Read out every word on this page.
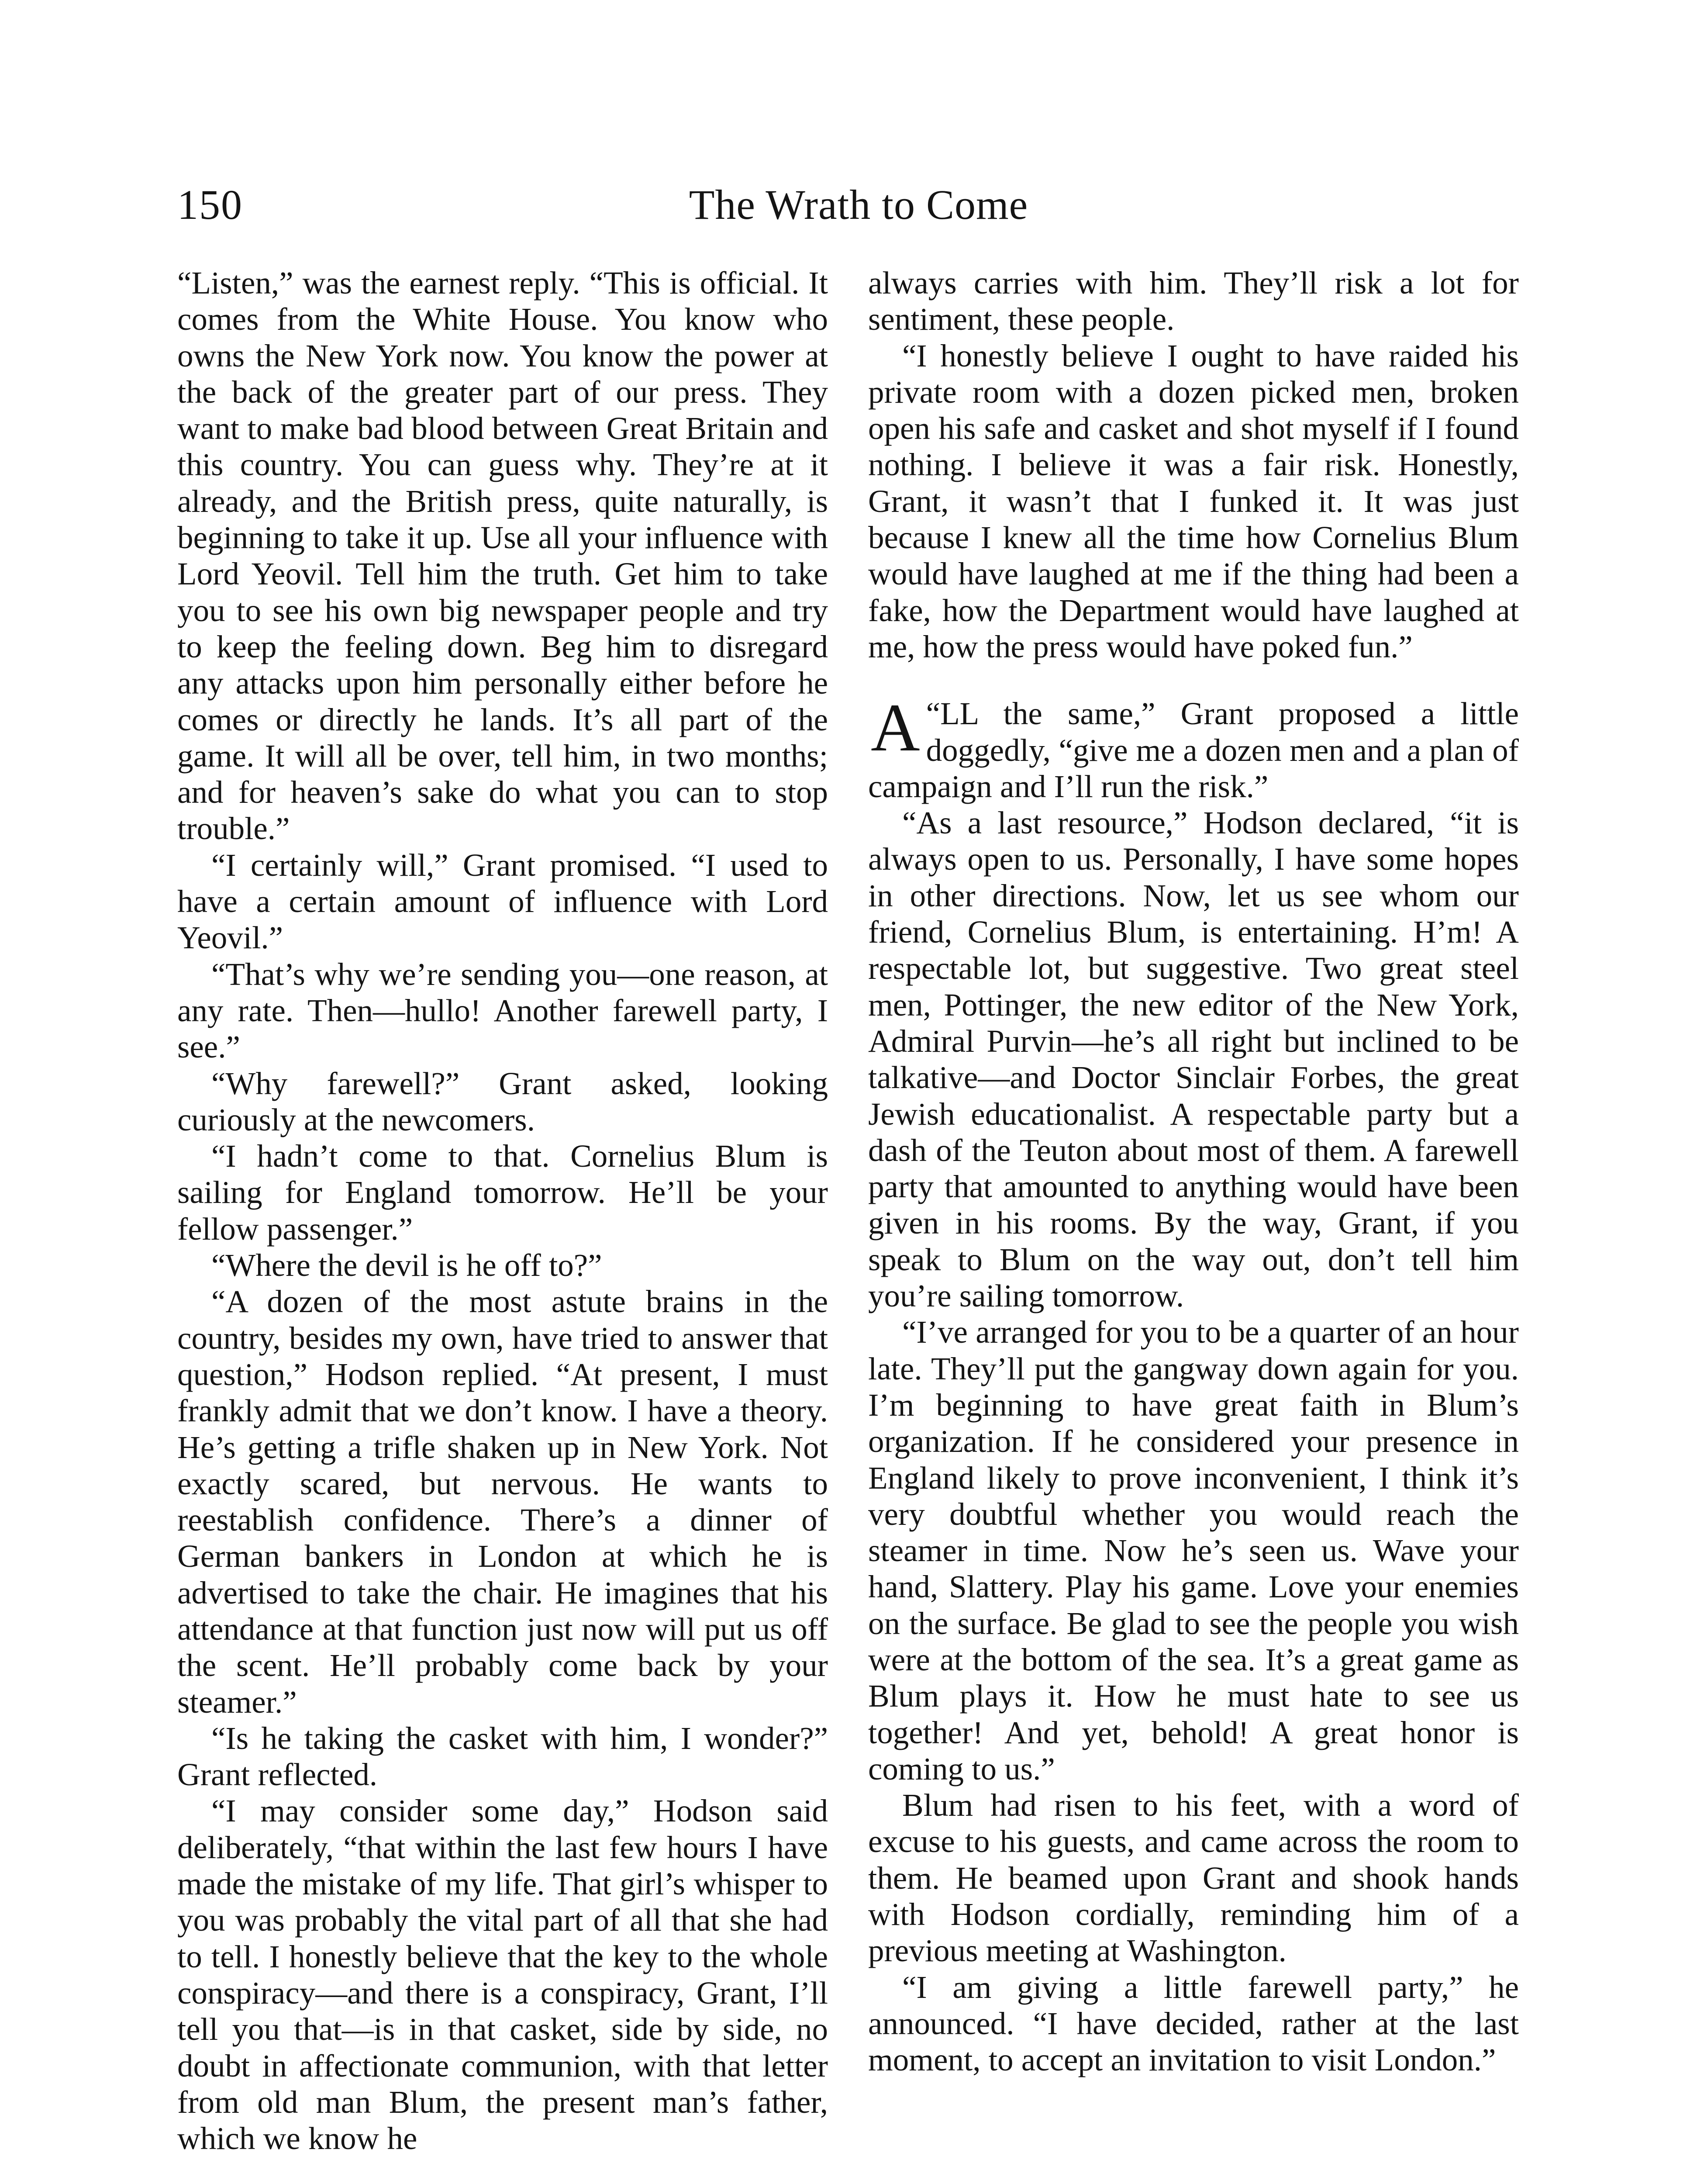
150	The Wrath to Come

“Listen,” was the earnest reply. “This is official. It comes from the White House. You know who owns the New York now. You know the power at the back of the greater part of our press. They want to make bad blood between Great Britain and this country. You can guess why. They’re at it already, and the British press, quite naturally, is beginning to take it up. Use all your influence with Lord Yeovil. Tell him the truth. Get him to take you to see his own big newspaper people and try to keep the feeling down. Beg him to disregard any attacks upon him personally either before he comes or directly he lands. It’s all part of the game. It will all be over, tell him, in two months; and for heaven’s sake do what you can to stop trouble.”

“I certainly will,” Grant promised. “I used to have a certain amount of influence with Lord Yeovil.”

“That’s why we’re sending you—one reason, at any rate. Then—hullo! Another farewell party, I see.”

“Why farewell?” Grant asked, looking curiously at the newcomers.

“I hadn’t come to that. Cornelius Blum is sailing for England tomorrow. He’ll be your fellow passenger.”

“Where the devil is he off to?”

“A dozen of the most astute brains in the country, besides my own, have tried to answer that question,” Hodson replied. “At present, I must frankly admit that we don’t know. I have a theory. He’s getting a trifle shaken up in New York. Not exactly scared, but nervous. He wants to reestablish confidence. There’s a dinner of German bankers in London at which he is advertised to take the chair. He imagines that his attendance at that function just now will put us off the scent. He’ll probably come back by your steamer.”

“Is he taking the casket with him, I wonder?” Grant reflected.

“I may consider some day,” Hodson said deliberately, “that within the last few hours I have made the mistake of my life. That girl’s whisper to you was probably the vital part of all that she had to tell. I honestly believe that the key to the whole conspiracy—and there is a conspiracy, Grant, I’ll tell you that—is in that casket, side by side, no doubt in affectionate communion, with that letter from old man Blum, the present man’s father, which we know he

always carries with him. They’ll risk a lot for sentiment, these people.

“I honestly believe I ought to have raided his private room with a dozen picked men, broken open his safe and casket and shot myself if I found nothing. I believe it was a fair risk. Honestly, Grant, it wasn’t that I funked it. It was just because I knew all the time how Cornelius Blum would have laughed at me if the thing had been a fake, how the Department would have laughed at me, how the press would have poked fun.”

“
A LL the same,” Grant proposed a little doggedly, “give me a dozen men and a plan of campaign and I’ll run the risk.”

“As a last resource,” Hodson declared, “it is always open to us. Personally, I have some hopes in other directions. Now, let us see whom our friend, Cornelius Blum, is entertaining. H’m! A respectable lot, but suggestive. Two great steel men, Pottinger, the new editor of the New York, Admiral Purvin—he’s all right but inclined to be talkative—and Doctor Sinclair Forbes, the great Jewish educationalist. A respectable party but a dash of the Teuton about most of them. A farewell party that amounted to anything would have been given in his rooms. By the way, Grant, if you speak to Blum on the way out, don’t tell him you’re sailing tomorrow.

“I’ve arranged for you to be a quarter of an hour late. They’ll put the gangway down again for you. I’m beginning to have great faith in Blum’s organization. If he considered your presence in England likely to prove inconvenient, I think it’s very doubtful whether you would reach the steamer in time. Now he’s seen us. Wave your hand, Slattery. Play his game. Love your enemies on the surface. Be glad to see the people you wish were at the bottom of the sea. It’s a great game as Blum plays it. How he must hate to see us together! And yet, behold! A great honor is coming to us.”

Blum had risen to his feet, with a word of excuse to his guests, and came across the room to them. He beamed upon Grant and shook hands with Hodson cordially, reminding him of a previous meeting at Washington.

“I am giving a little farewell party,” he announced. “I have decided, rather at the last moment, to accept an invitation to visit London.”
